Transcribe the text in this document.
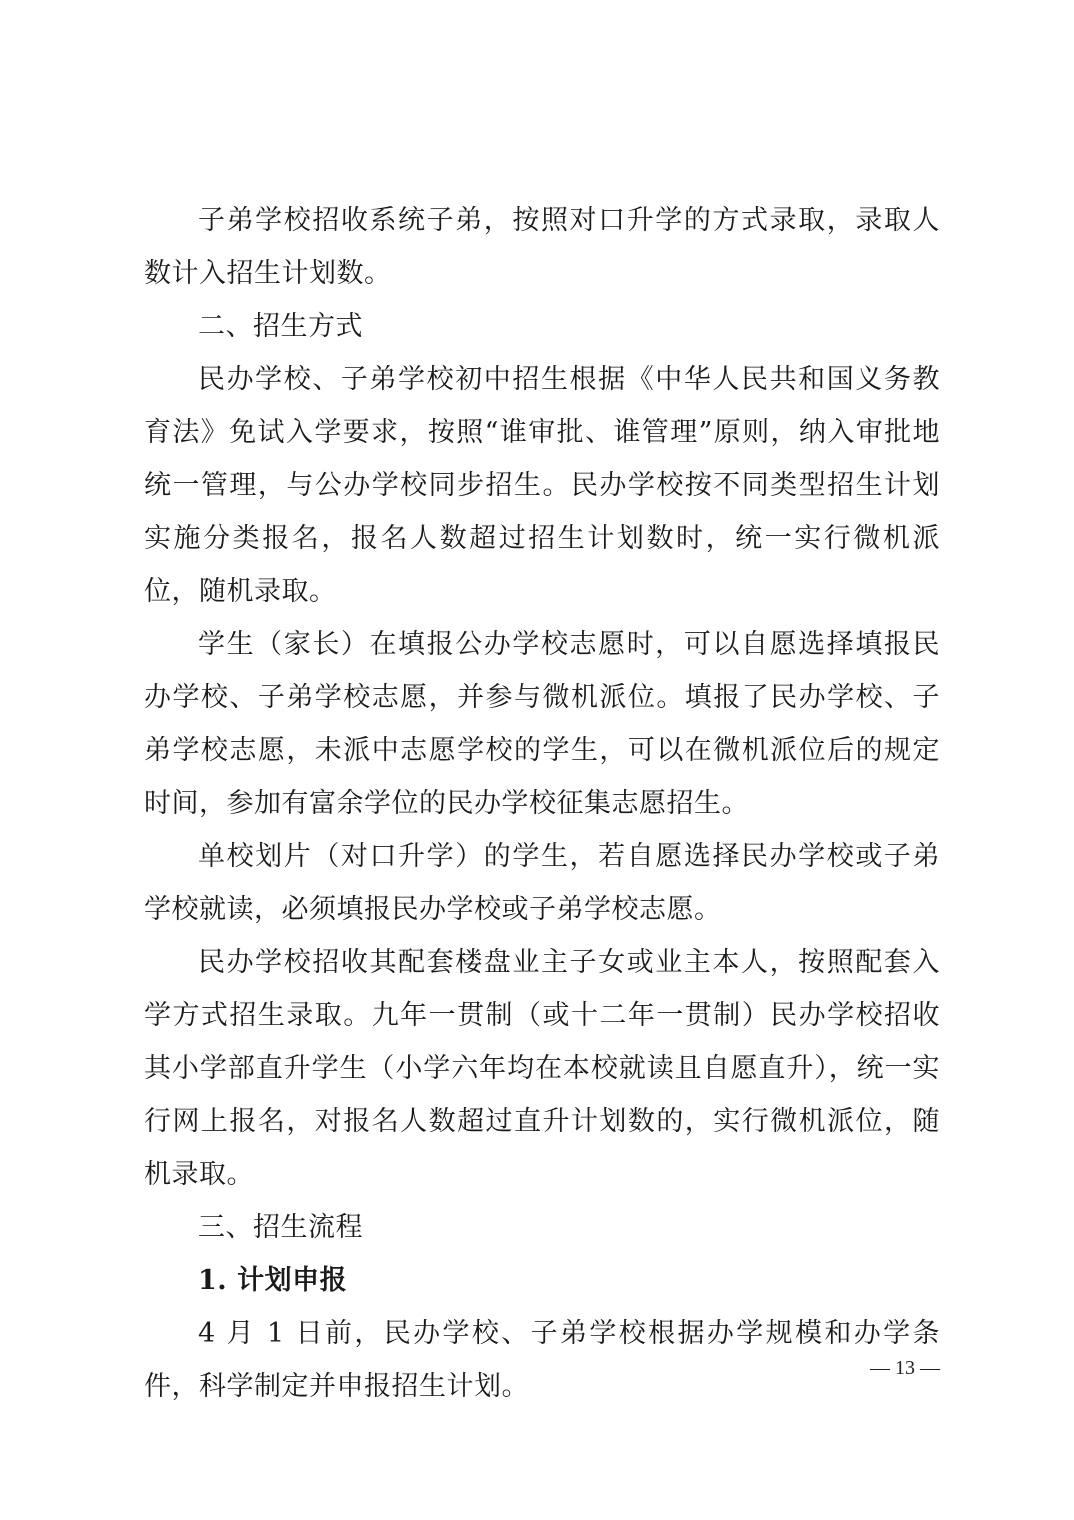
子弟学校招收系统子弟，按照对口升学的方式录取，录取人数计入招生计划数。

二、招生方式

民办学校、子弟学校初中招生根据《中华人民共和国义务教育法》免试入学要求，按照“谁审批、谁管理”原则，纳入审批地统一管理，与公办学校同步招生。民办学校按不同类型招生计划实施分类报名，报名人数超过招生计划数时，统一实行微机派位，随机录取。

学生（家长）在填报公办学校志愿时，可以自愿选择填报民办学校、子弟学校志愿，并参与微机派位。填报了民办学校、子弟学校志愿，未派中志愿学校的学生，可以在微机派位后的规定时间，参加有富余学位的民办学校征集志愿招生。

单校划片（对口升学）的学生，若自愿选择民办学校或子弟学校就读，必须填报民办学校或子弟学校志愿。

民办学校招收其配套楼盘业主子女或业主本人，按照配套入学方式招生录取。九年一贯制（或十二年一贯制）民办学校招收其小学部直升学生（小学六年均在本校就读且自愿直升），统一实行网上报名，对报名人数超过直升计划数的，实行微机派位，随机录取。

三、招生流程

1. 计划申报

4 月 1 日前，民办学校、子弟学校根据办学规模和办学条件，科学制定并申报招生计划。

— 13 —
